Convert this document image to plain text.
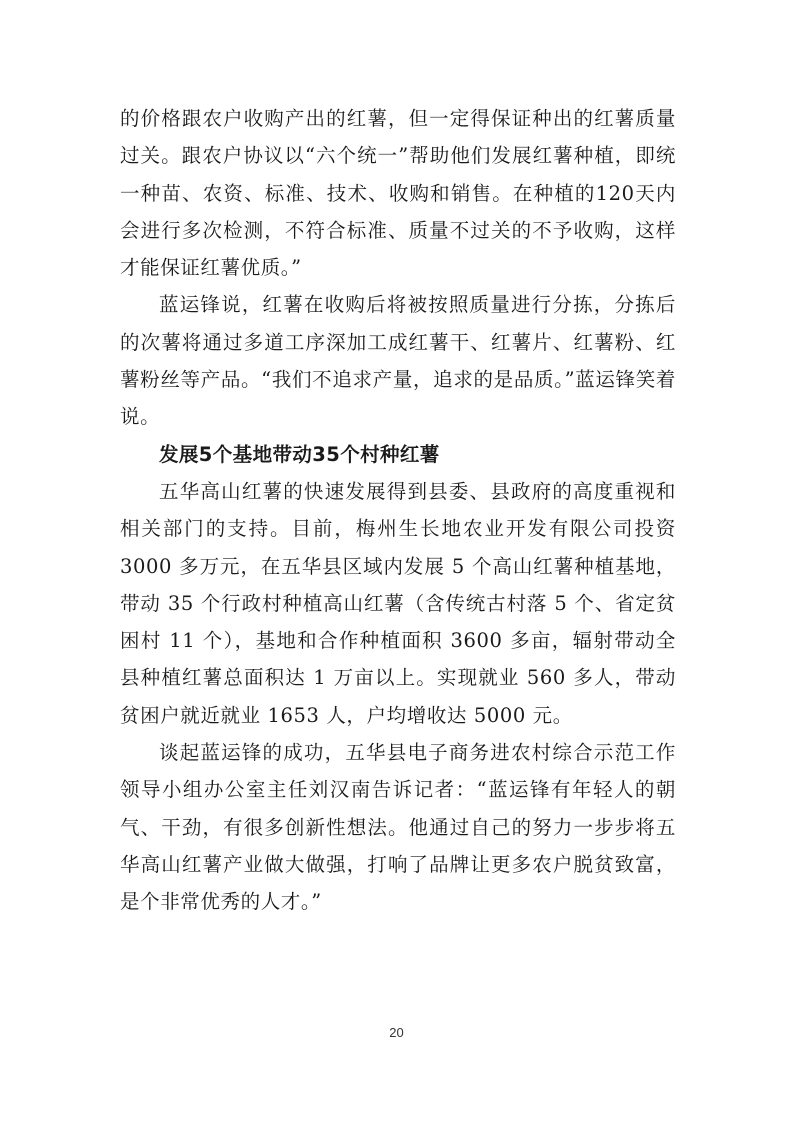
的价格跟农户收购产出的红薯，但一定得保证种出的红薯质量过关。跟农户协议以“六个统一”帮助他们发展红薯种植，即统一种苗、农资、标准、技术、收购和销售。在种植的120天内会进行多次检测，不符合标准、质量不过关的不予收购，这样才能保证红薯优质。”

蓝运锋说，红薯在收购后将被按照质量进行分拣，分拣后的次薯将通过多道工序深加工成红薯干、红薯片、红薯粉、红薯粉丝等产品。“我们不追求产量，追求的是品质。”蓝运锋笑着说。

发展5个基地带动35个村种红薯

五华高山红薯的快速发展得到县委、县政府的高度重视和相关部门的支持。目前，梅州生长地农业开发有限公司投资 3000 多万元，在五华县区域内发展 5 个高山红薯种植基地，带动 35 个行政村种植高山红薯（含传统古村落 5 个、省定贫困村 11 个），基地和合作种植面积 3600 多亩，辐射带动全县种植红薯总面积达 1 万亩以上。实现就业 560 多人，带动贫困户就近就业 1653 人，户均增收达 5000 元。

谈起蓝运锋的成功，五华县电子商务进农村综合示范工作领导小组办公室主任刘汉南告诉记者：“蓝运锋有年轻人的朝气、干劲，有很多创新性想法。他通过自己的努力一步步将五华高山红薯产业做大做强，打响了品牌让更多农户脱贫致富，是个非常优秀的人才。”

20
